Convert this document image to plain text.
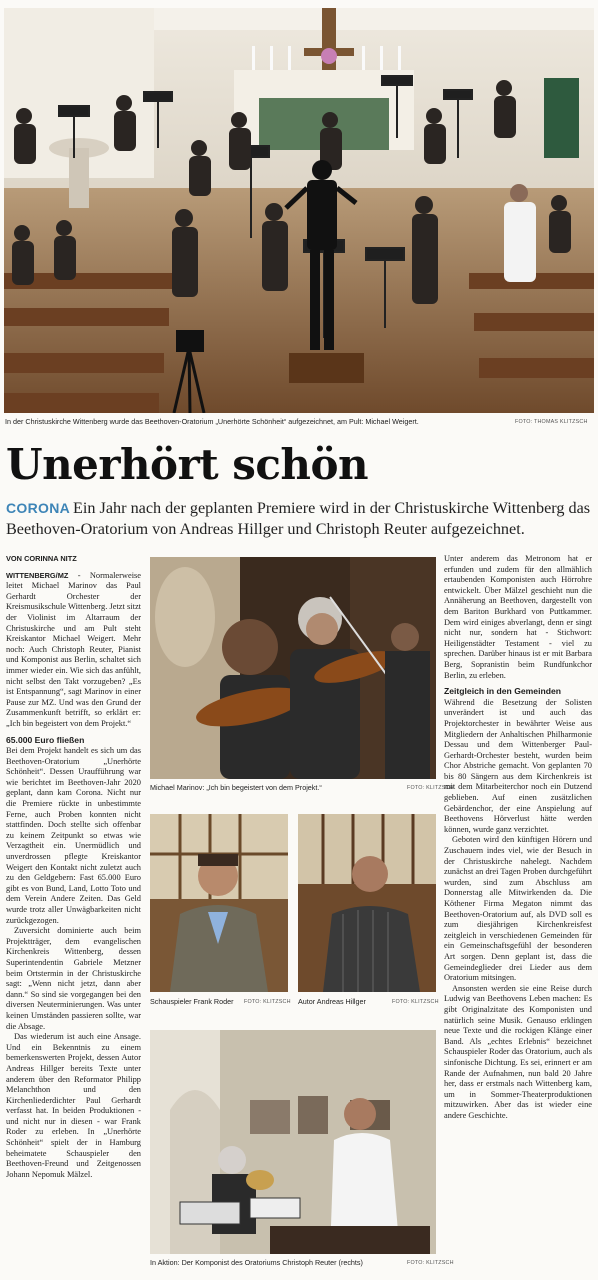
In der Christuskirche Wittenberg wurde das Beethoven-Oratorium „Unerhörte Schönheit“ aufgezeichnet, am Pult: Michael Weigert.	FOTO: THOMAS KLITZSCH
Unerhört schön
CORONA Ein Jahr nach der geplanten Premiere wird in der Christuskirche Wittenberg das Beethoven-Oratorium von Andreas Hillger und Christoph Reuter aufgezeichnet.

VON CORINNA NITZ

WITTENBERG/MZ - Normalerweise leitet Michael Marinov das Paul Gerhardt Orchester der Kreismusikschule Wittenberg. Jetzt sitzt der Violinist im Altarraum der Christuskirche und am Pult steht Kreiskantor Michael Weigert. Mehr noch: Auch Christoph Reuter, Pianist und Komponist aus Berlin, schaltet sich immer wieder ein. Wie sich das anfühlt, nicht selbst den Takt vorzugeben? „Es ist Entspannung“, sagt Marinov in einer Pause zur MZ. Und was den Grund der Zusammenkunft betrifft, so erklärt er: „Ich bin begeistert von dem Projekt.“

65.000 Euro fließen

Bei dem Projekt handelt es sich um das Beethoven-Oratorium „Unerhörte Schönheit“. Dessen Uraufführung war wie berichtet im Beethoven-Jahr 2020 geplant, dann kam Corona. Nicht nur die Premiere rückte in unbestimmte Ferne, auch Proben konnten nicht stattfinden. Doch stellte sich offenbar zu keinem Zeitpunkt so etwas wie Verzagtheit ein. Unermüdlich und unverdrossen pflegte Kreiskantor Weigert den Kontakt nicht zuletzt auch zu den Geldgebern: Fast 65.000 Euro gibt es von Bund, Land, Lotto Toto und dem Verein Andere Zeiten. Das Geld wurde trotz aller Unwägbarkeiten nicht zurückgezogen.

Zuversicht dominierte auch beim Projektträger, dem evangelischen Kirchenkreis Wittenberg, dessen Superintendentin Gabriele Metzner beim Ortstermin in der Christuskirche sagt: „Wenn nicht jetzt, dann aber dann.“ So sind sie vorgegangen bei den diversen Neuterminierungen. Was unter keinen Umständen passieren sollte, war die Absage.

Das wiederum ist auch eine Ansage. Und ein Bekenntnis zu einem bemerkenswerten Projekt, dessen Autor Andreas Hillger bereits Texte unter anderem über den Reformator Philipp Melanchthon und den Kirchenliederdichter Paul Gerhardt verfasst hat. In beiden Produktionen - und nicht nur in diesen - war Frank Roder zu erleben. In „Unerhörte Schönheit“ spielt der in Hamburg beheimatete Schauspieler den Beethoven-Freund und Zeitgenossen Johann Nepomuk Mälzel.

Michael Marinov: „Ich bin begeistert von dem Projekt.“	FOTO: KLITZSCH
Schauspieler Frank Roder	FOTO: KLITZSCH Autor Andreas Hillger	FOTO: KLITZSCH
In Aktion: Der Komponist des Oratoriums Christoph Reuter (rechts)	FOTO: KLITZSCH

Unter anderem das Metronom hat er erfunden und zudem für den allmählich ertaubenden Komponisten auch Hörrohre entwickelt. Über Mälzel geschieht nun die Annäherung an Beethoven, dargestellt von dem Bariton Burkhard von Puttkammer. Dem wird einiges abverlangt, denn er singt nicht nur, sondern hat - Stichwort: Heiligenstädter Testament - viel zu sprechen. Darüber hinaus ist er mit Barbara Berg, Sopranistin beim Rundfunkchor Berlin, zu erleben.

Zeitgleich in den Gemeinden

Während die Besetzung der Solisten unverändert ist und auch das Projektorchester in bewährter Weise aus Mitgliedern der Anhaltischen Philharmonie Dessau und dem Wittenberger Paul-Gerhardt-Orchester besteht, wurden beim Chor Abstriche gemacht. Von geplanten 70 bis 80 Sängern aus dem Kirchenkreis ist mit dem Mitarbeiterchor noch ein Dutzend geblieben. Auf einen zusätzlichen Gebärdenchor, der eine Anspielung auf Beethovens Hörverlust hätte werden können, wurde ganz verzichtet.

Geboten wird den künftigen Hörern und Zuschauern indes viel, wie der Besuch in der Christuskirche nahelegt. Nachdem zunächst an drei Tagen Proben durchgeführt wurden, sind zum Abschluss am Donnerstag alle Mitwirkenden da. Die Köthener Firma Megaton nimmt das Beethoven-Oratorium auf, als DVD soll es zum diesjährigen Kirchenkreisfest zeitgleich in verschiedenen Gemeinden für ein Gemeinschaftsgefühl der besonderen Art sorgen. Denn geplant ist, dass die Gemeindeglieder drei Lieder aus dem Oratorium mitsingen.

Ansonsten werden sie eine Reise durch Ludwig van Beethovens Leben machen: Es gibt Originalzitate des Komponisten und natürlich seine Musik. Genauso erklingen neue Texte und die rockigen Klänge einer Band. Als „echtes Erlebnis“ bezeichnet Schauspieler Roder das Oratorium, auch als sinfonische Dichtung. Es sei, erinnert er am Rande der Aufnahmen, nun bald 20 Jahre her, dass er erstmals nach Wittenberg kam, um in Sommer-Theaterproduktionen mitzuwirken. Aber das ist wieder eine andere Geschichte.
